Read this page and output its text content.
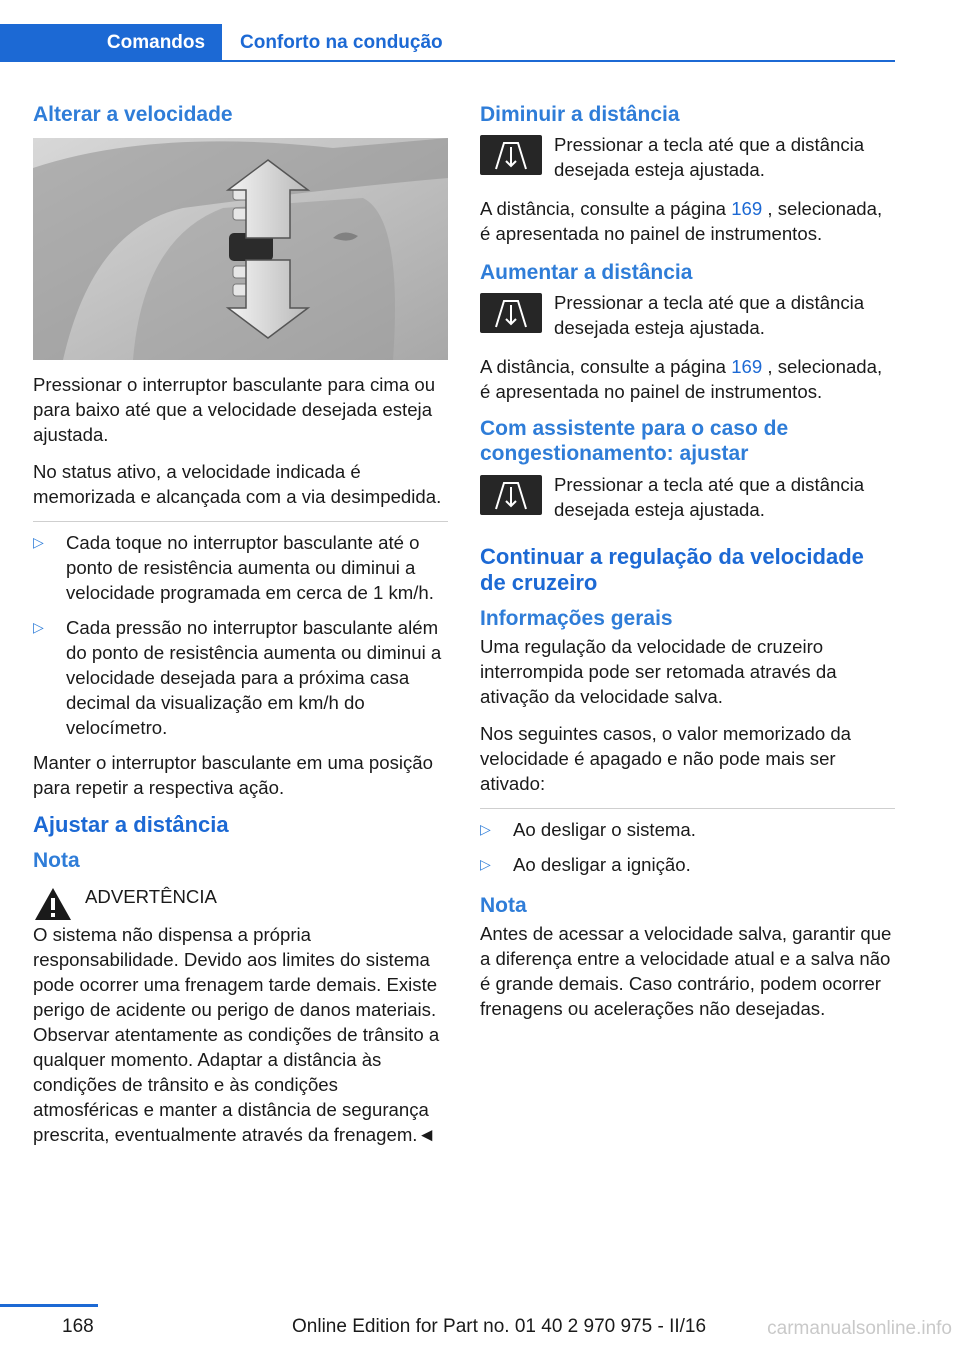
Comandos	Conforto na condução
Alterar a velocidade

Pressionar o interruptor basculante para cima ou para baixo até que a velocidade desejada esteja ajustada.

No status ativo, a velocidade indicada é memorizada e alcançada com a via desimpedida.

▷ Cada toque no interruptor basculante até o ponto de resistência aumenta ou diminui a velocidade programada em cerca de 1 km/h.
▷ Cada pressão no interruptor basculante além do ponto de resistência aumenta ou diminui a velocidade desejada para a próxima casa decimal da visualização em km/h do velocímetro.

Manter o interruptor basculante em uma posição para repetir a respectiva ação.

Ajustar a distância
Nota
ADVERTÊNCIA

O sistema não dispensa a própria responsabilidade. Devido aos limites do sistema pode ocorrer uma frenagem tarde demais. Existe perigo de acidente ou perigo de danos materiais. Observar atentamente as condições de trânsito a qualquer momento. Adaptar a distância às condições de trânsito e às condições atmosféricas e manter a distância de segurança prescrita, eventualmente através da frenagem.◄

Diminuir a distância
Pressionar a tecla até que a distância desejada esteja ajustada.

A distância, consulte a página 169 , selecionada, é apresentada no painel de instrumentos.

Aumentar a distância
Pressionar a tecla até que a distância desejada esteja ajustada.

A distância, consulte a página 169 , selecionada, é apresentada no painel de instrumentos.

Com assistente para o caso de congestionamento: ajustar
Pressionar a tecla até que a distância desejada esteja ajustada.
Continuar a regulação da velocidade de cruzeiro
Informações gerais

Uma regulação da velocidade de cruzeiro interrompida pode ser retomada através da ativação da velocidade salva.

Nos seguintes casos, o valor memorizado da velocidade é apagado e não pode mais ser ativado:

▷ Ao desligar o sistema.
▷ Ao desligar a ignição.
Nota

Antes de acessar a velocidade salva, garantir que a diferença entre a velocidade atual e a salva não é grande demais. Caso contrário, podem ocorrer frenagens ou acelerações não desejadas.

168	Online Edition for Part no. 01 40 2 970 975 - II/16	carmanualsonline.info
